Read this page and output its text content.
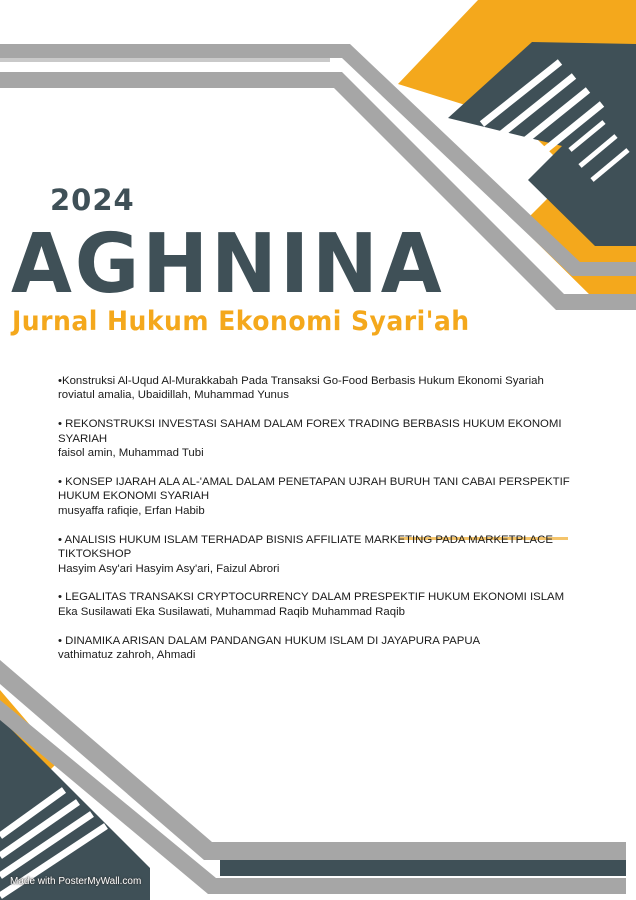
2024
AGHNINA
Jurnal Hukum Ekonomi Syari'ah
•Konstruksi Al-Uqud Al-Murakkabah Pada Transaksi Go-Food Berbasis Hukum Ekonomi Syariah
roviatul amalia, Ubaidillah, Muhammad Yunus
• REKONSTRUKSI INVESTASI SAHAM DALAM FOREX TRADING BERBASIS HUKUM EKONOMI SYARIAH
faisol amin, Muhammad Tubi
• KONSEP IJARAH ALA AL-'AMAL DALAM PENETAPAN UJRAH BURUH TANI CABAI PERSPEKTIF HUKUM EKONOMI SYARIAH
musyaffa rafiqie, Erfan Habib
• ANALISIS HUKUM ISLAM TERHADAP BISNIS AFFILIATE MARKETING PADA MARKETPLACE TIKTOKSHOP
Hasyim Asy'ari Hasyim Asy'ari, Faizul Abrori
• LEGALITAS TRANSAKSI CRYPTOCURRENCY DALAM PRESPEKTIF HUKUM EKONOMI ISLAM
Eka Susilawati Eka Susilawati, Muhammad Raqib Muhammad Raqib
• DINAMIKA ARISAN DALAM PANDANGAN HUKUM ISLAM DI JAYAPURA PAPUA
vathimatuz zahroh, Ahmadi
Made with PosterMyWall.com
